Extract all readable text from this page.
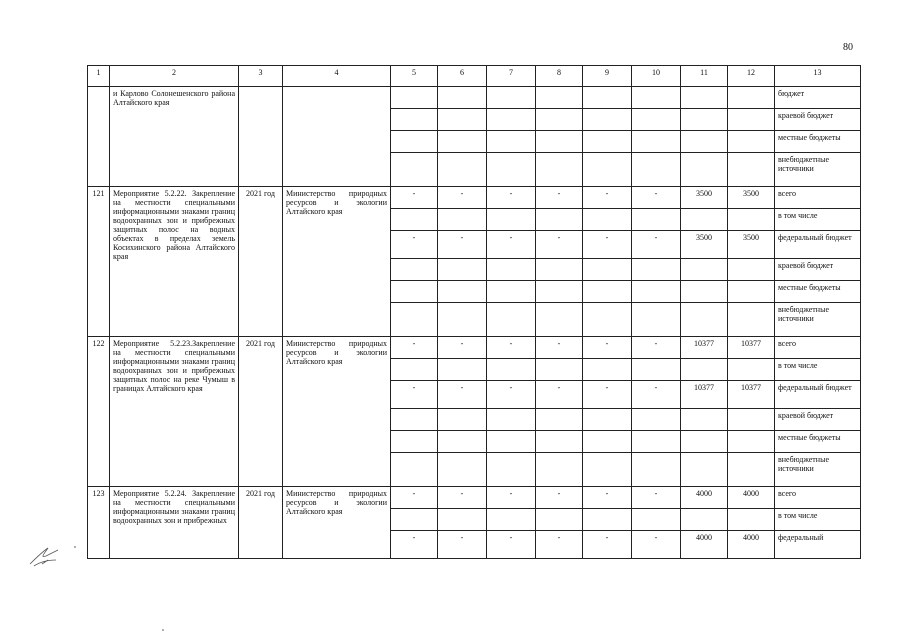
80
1	2	3	4	5	6	7	8	9	10	11	12	13
	и Карлово Солонешенского района Алтайского края											бюджет
												краевой бюджет
												местные бюджеты
												внебюджетные источники
121	Мероприятие 5.2.22. Закрепление на местности специальными информационными знаками границ водоохранных зон и прибрежных защитных полос на водных объектах в пределах земель Косихинского района Алтайского края	2021 год	Министерство природных ресурсов и экологии Алтайского края	-	-	-	-	-	-	3500	3500	всего
												в том числе
				-	-	-	-	-	-	3500	3500	федеральный бюджет
												краевой бюджет
												местные бюджеты
												внебюджетные источники
122	Мероприятие 5.2.23.Закрепление на местности специальными информационными знаками границ водоохранных зон и прибрежных защитных полос на реке Чумыш в границах Алтайского края	2021 год	Министерство природных ресурсов и экологии Алтайского края	-	-	-	-	-	-	10377	10377	всего
												в том числе
				-	-	-	-	-	-	10377	10377	федеральный бюджет
												краевой бюджет
												местные бюджеты
												внебюджетные источники
123	Мероприятие 5.2.24. Закрепление на местности специальными информационными знаками границ водоохранных зон и прибрежных	2021 год	Министерство природных ресурсов и экологии Алтайского края	-	-	-	-	-	-	4000	4000	всего
												в том числе
				-	-	-	-	-	-	4000	4000	федеральный
